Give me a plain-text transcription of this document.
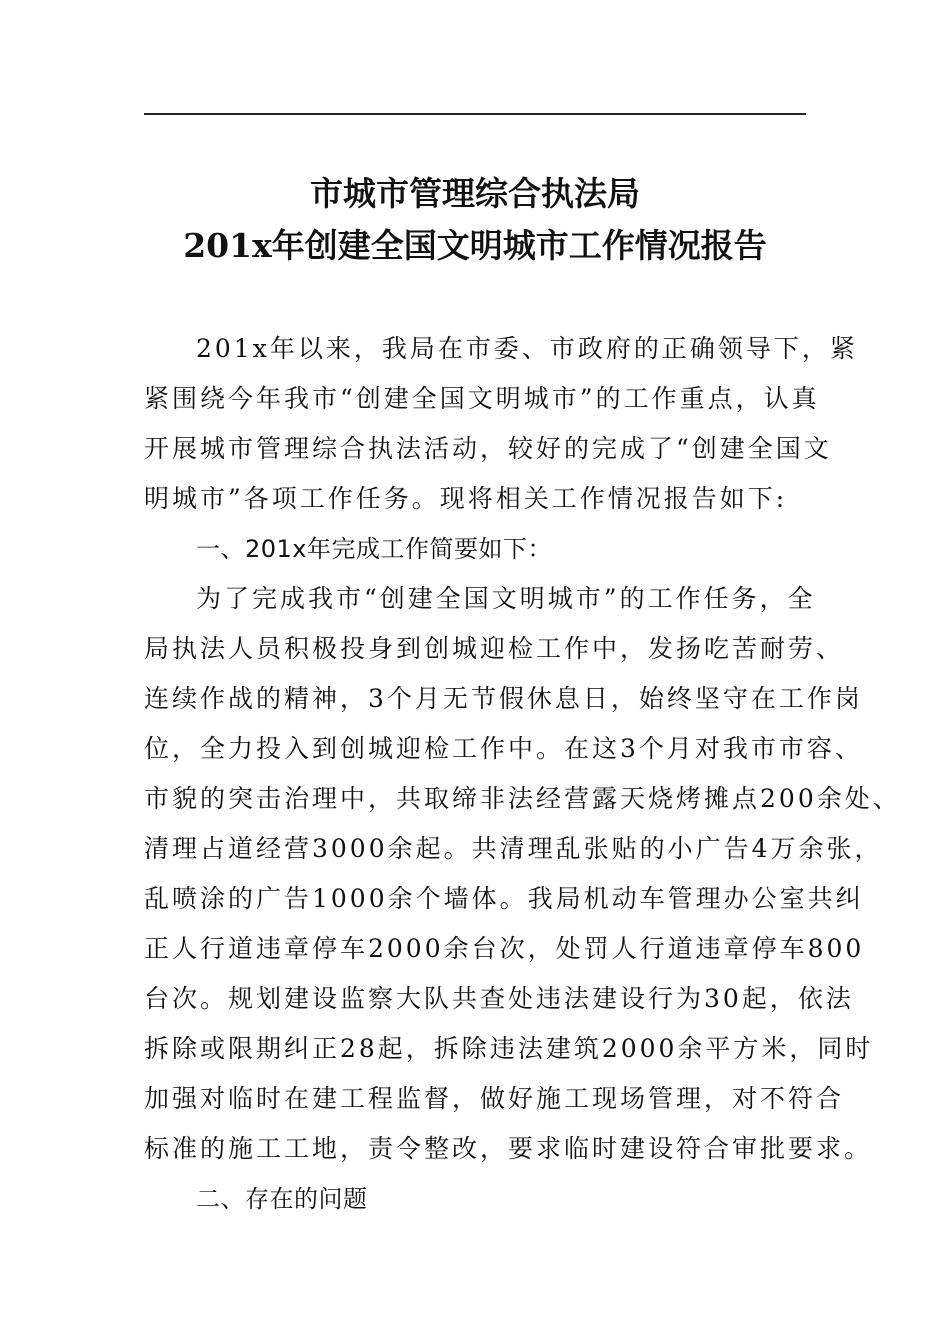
市城市管理综合执法局
201x年创建全国文明城市工作情况报告
201x年以来，我局在市委、市政府的正确领导下，紧
紧围绕今年我市“创建全国文明城市”的工作重点，认真
开展城市管理综合执法活动，较好的完成了“创建全国文
明城市”各项工作任务。现将相关工作情况报告如下:
一、201x年完成工作简要如下：
为了完成我市“创建全国文明城市”的工作任务，全
局执法人员积极投身到创城迎检工作中，发扬吃苦耐劳、
连续作战的精神，3个月无节假休息日，始终坚守在工作岗
位，全力投入到创城迎检工作中。在这3个月对我市市容、
市貌的突击治理中，共取缔非法经营露天烧烤摊点200余处、
清理占道经营3000余起。共清理乱张贴的小广告4万余张，
乱喷涂的广告1000余个墙体。我局机动车管理办公室共纠
正人行道违章停车2000余台次，处罚人行道违章停车800
台次。规划建设监察大队共查处违法建设行为30起，依法
拆除或限期纠正28起，拆除违法建筑2000余平方米，同时
加强对临时在建工程监督，做好施工现场管理，对不符合
标准的施工工地，责令整改，要求临时建设符合审批要求。
二、存在的问题
